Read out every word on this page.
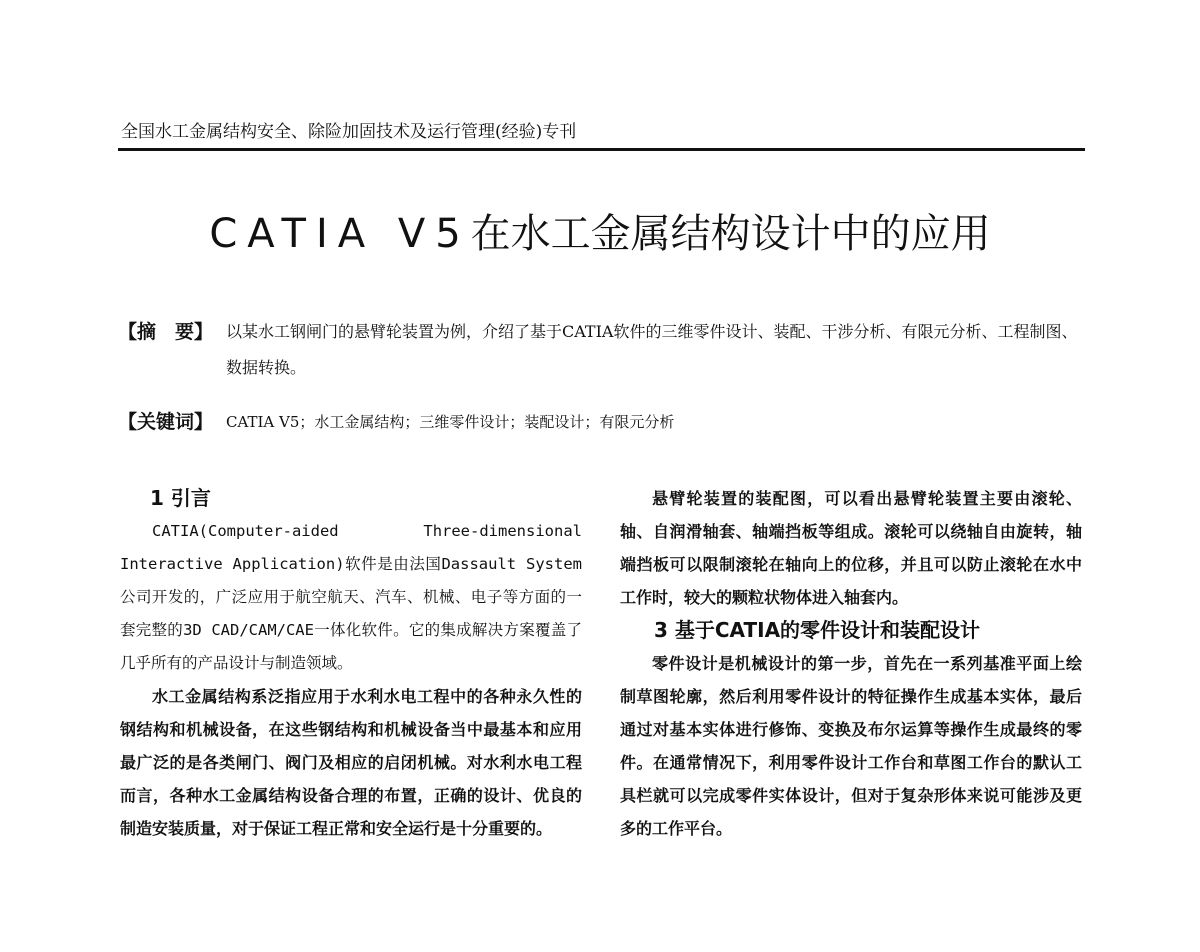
全国水工金属结构安全、除险加固技术及运行管理(经验)专刊
CATIA V5在水工金属结构设计中的应用
【摘　要】 以某水工钢闸门的悬臂轮装置为例，介绍了基于CATIA软件的三维零件设计、装配、干涉分析、有限元分析、工程制图、数据转换。
【关键词】 CATIA V5；水工金属结构；三维零件设计；装配设计；有限元分析
1 引言

CATIA(Computer-aided Three-dimensional Interactive Application)软件是由法国Dassault System公司开发的，广泛应用于航空航天、汽车、机械、电子等方面的一套完整的3D CAD/CAM/CAE一体化软件。它的集成解决方案覆盖了几乎所有的产品设计与制造领域。

水工金属结构系泛指应用于水利水电工程中的各种永久性的钢结构和机械设备，在这些钢结构和机械设备当中最基本和应用最广泛的是各类闸门、阀门及相应的启闭机械。对水利水电工程而言，各种水工金属结构设备合理的布置，正确的设计、优良的制造安装质量，对于保证工程正常和安全运行是十分重要的。

悬臂轮装置的装配图，可以看出悬臂轮装置主要由滚轮、轴、自润滑轴套、轴端挡板等组成。滚轮可以绕轴自由旋转，轴端挡板可以限制滚轮在轴向上的位移，并且可以防止滚轮在水中工作时，较大的颗粒状物体进入轴套内。

3 基于CATIA的零件设计和装配设计

零件设计是机械设计的第一步，首先在一系列基准平面上绘制草图轮廓，然后利用零件设计的特征操作生成基本实体，最后通过对基本实体进行修饰、变换及布尔运算等操作生成最终的零件。在通常情况下，利用零件设计工作台和草图工作台的默认工具栏就可以完成零件实体设计，但对于复杂形体来说可能涉及更多的工作平台。
